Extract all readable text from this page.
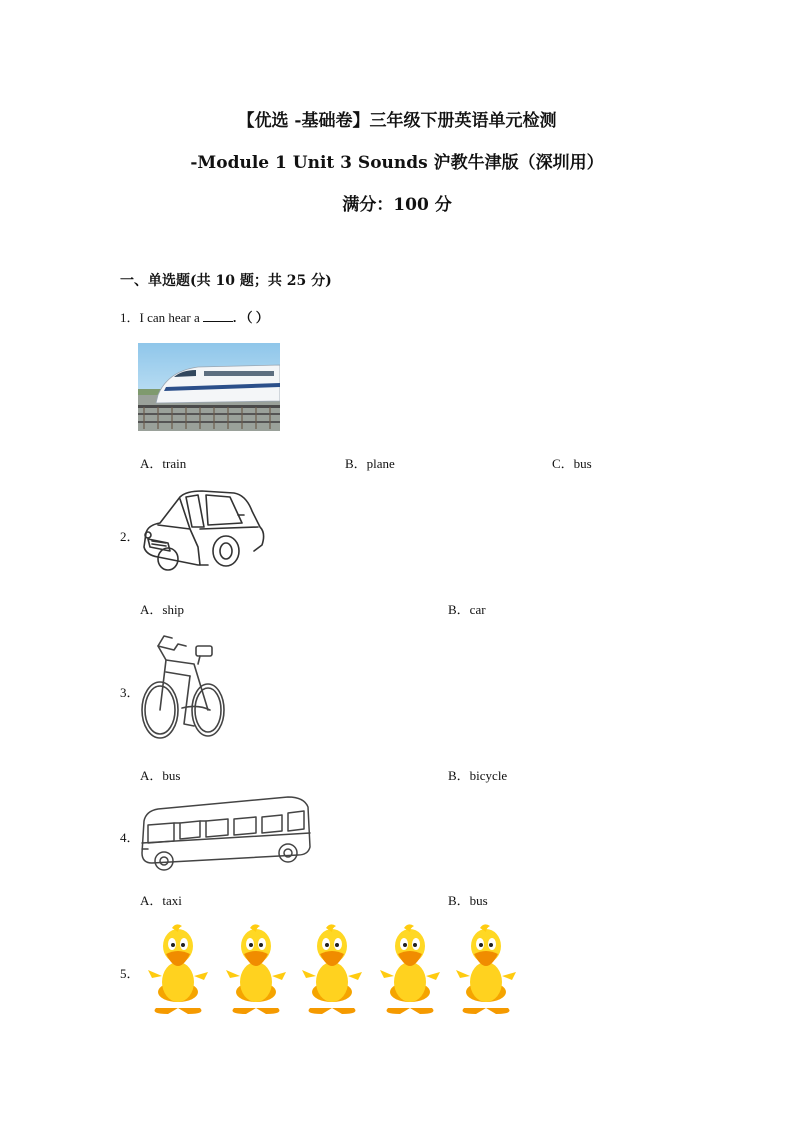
【优选 -基础卷】三年级下册英语单元检测
-Module 1 Unit 3 Sounds 沪教牛津版（深圳用）
满分：100 分
一、单选题(共 10 题；共 25 分)
1．I can hear a	. （ ）
A．train	B．plane	C．bus
2．
A．ship	B．car
3．
A．bus	B．bicycle
4．
A．taxi	B．bus
5．
